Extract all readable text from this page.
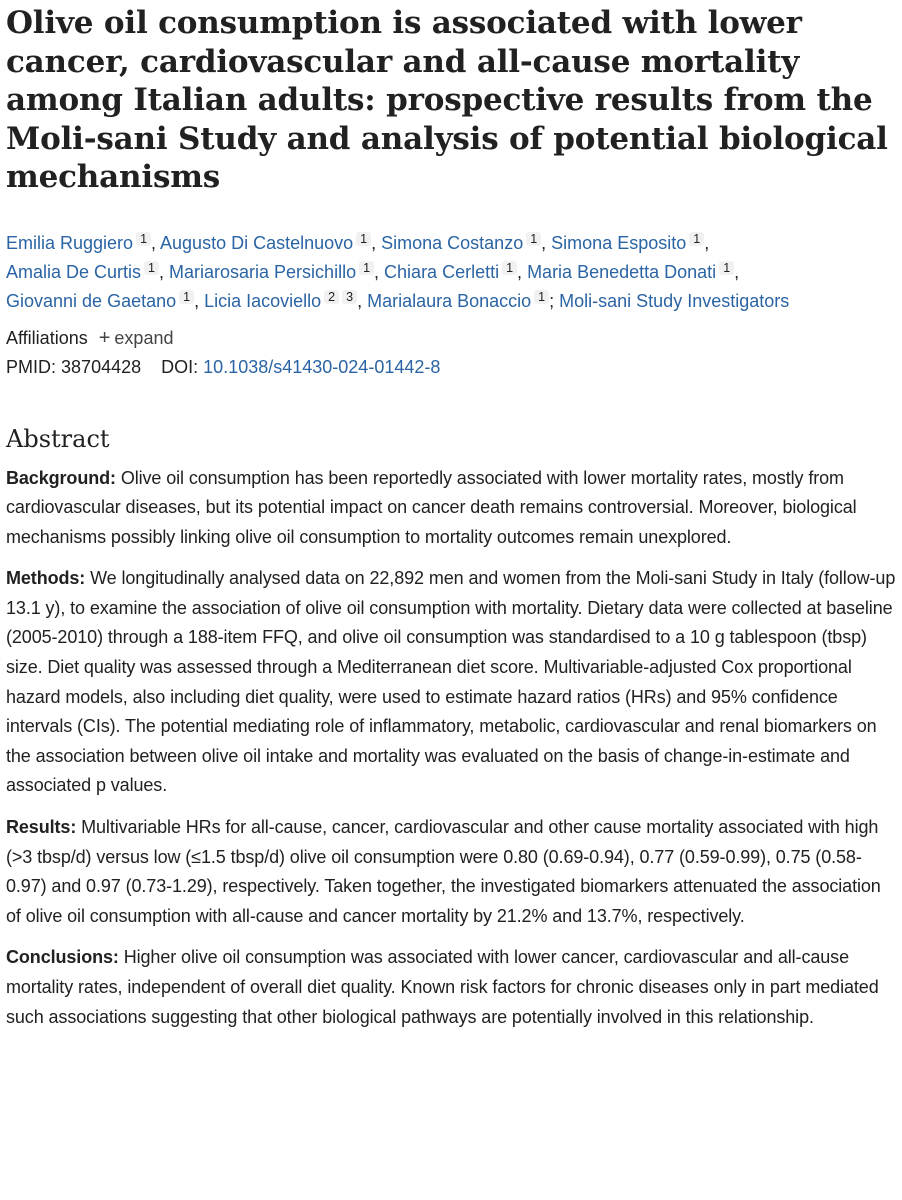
Olive oil consumption is associated with lower cancer, cardiovascular and all-cause mortality among Italian adults: prospective results from the Moli-sani Study and analysis of potential biological mechanisms
Emilia Ruggiero 1 , Augusto Di Castelnuovo 1 , Simona Costanzo 1 , Simona Esposito 1 ,
Amalia De Curtis 1 , Mariarosaria Persichillo 1 , Chiara Cerletti 1 , Maria Benedetta Donati 1 ,
Giovanni de Gaetano 1 , Licia Iacoviello 2 3 , Marialaura Bonaccio 1 ; Moli-sani Study Investigators
Affiliations + expand
PMID: 38704428 DOI: 10.1038/s41430-024-01442-8
Abstract

Background: Olive oil consumption has been reportedly associated with lower mortality rates, mostly from cardiovascular diseases, but its potential impact on cancer death remains controversial. Moreover, biological mechanisms possibly linking olive oil consumption to mortality outcomes remain unexplored.

Methods: We longitudinally analysed data on 22,892 men and women from the Moli-sani Study in Italy (follow-up 13.1 y), to examine the association of olive oil consumption with mortality. Dietary data were collected at baseline (2005-2010) through a 188-item FFQ, and olive oil consumption was standardised to a 10 g tablespoon (tbsp) size. Diet quality was assessed through a Mediterranean diet score. Multivariable-adjusted Cox proportional hazard models, also including diet quality, were used to estimate hazard ratios (HRs) and 95% confidence intervals (CIs). The potential mediating role of inflammatory, metabolic, cardiovascular and renal biomarkers on the association between olive oil intake and mortality was evaluated on the basis of change-in-estimate and associated p values.

Results: Multivariable HRs for all-cause, cancer, cardiovascular and other cause mortality associated with high (>3 tbsp/d) versus low (≤1.5 tbsp/d) olive oil consumption were 0.80 (0.69-0.94), 0.77 (0.59-0.99), 0.75 (0.58-0.97) and 0.97 (0.73-1.29), respectively. Taken together, the investigated biomarkers attenuated the association of olive oil consumption with all-cause and cancer mortality by 21.2% and 13.7%, respectively.

Conclusions: Higher olive oil consumption was associated with lower cancer, cardiovascular and all-cause mortality rates, independent of overall diet quality. Known risk factors for chronic diseases only in part mediated such associations suggesting that other biological pathways are potentially involved in this relationship.
